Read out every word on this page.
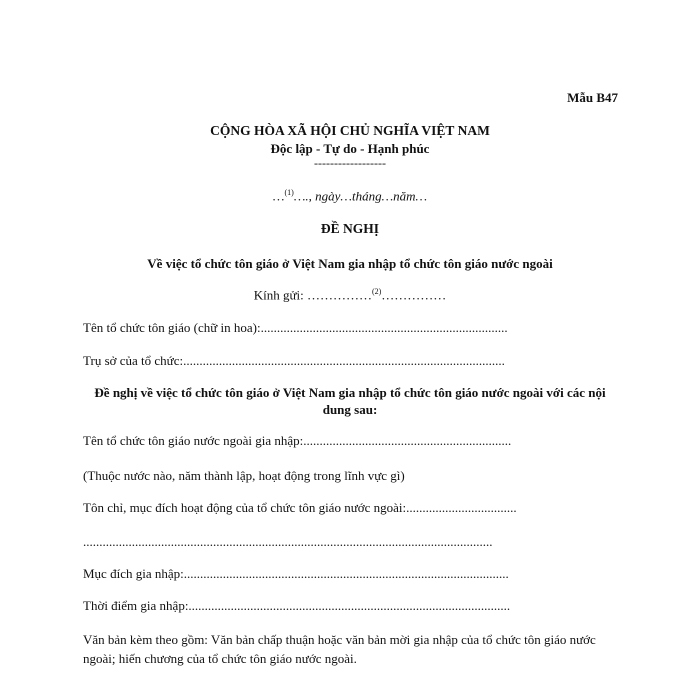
Mẫu B47
CỘNG HÒA XÃ HỘI CHỦ NGHĨA VIỆT NAM
Độc lập - Tự do - Hạnh phúc
------------------
…$^{(1)}$…., ngày…tháng…năm…
ĐỀ NGHỊ
Về việc tổ chức tôn giáo ở Việt Nam gia nhập tổ chức tôn giáo nước ngoài
Kính gửi: ……………$^{(2)}$……………
Tên tổ chức tôn giáo (chữ in hoa):............................................................................
Trụ sở của tổ chức:...................................................................................................
Đề nghị về việc tổ chức tôn giáo ở Việt Nam gia nhập tổ chức tôn giáo nước ngoài với các nội dung sau:
Tên tổ chức tôn giáo nước ngoài gia nhập:................................................................
(Thuộc nước nào, năm thành lập, hoạt động trong lĩnh vực gì)
Tôn chỉ, mục đích hoạt động của tổ chức tôn giáo nước ngoài:..................................
..............................................................................................................................
Mục đích gia nhập:....................................................................................................
Thời điểm gia nhập:...................................................................................................
Văn bản kèm theo gồm: Văn bản chấp thuận hoặc văn bản mời gia nhập của tổ chức tôn giáo nước ngoài; hiến chương của tổ chức tôn giáo nước ngoài.
